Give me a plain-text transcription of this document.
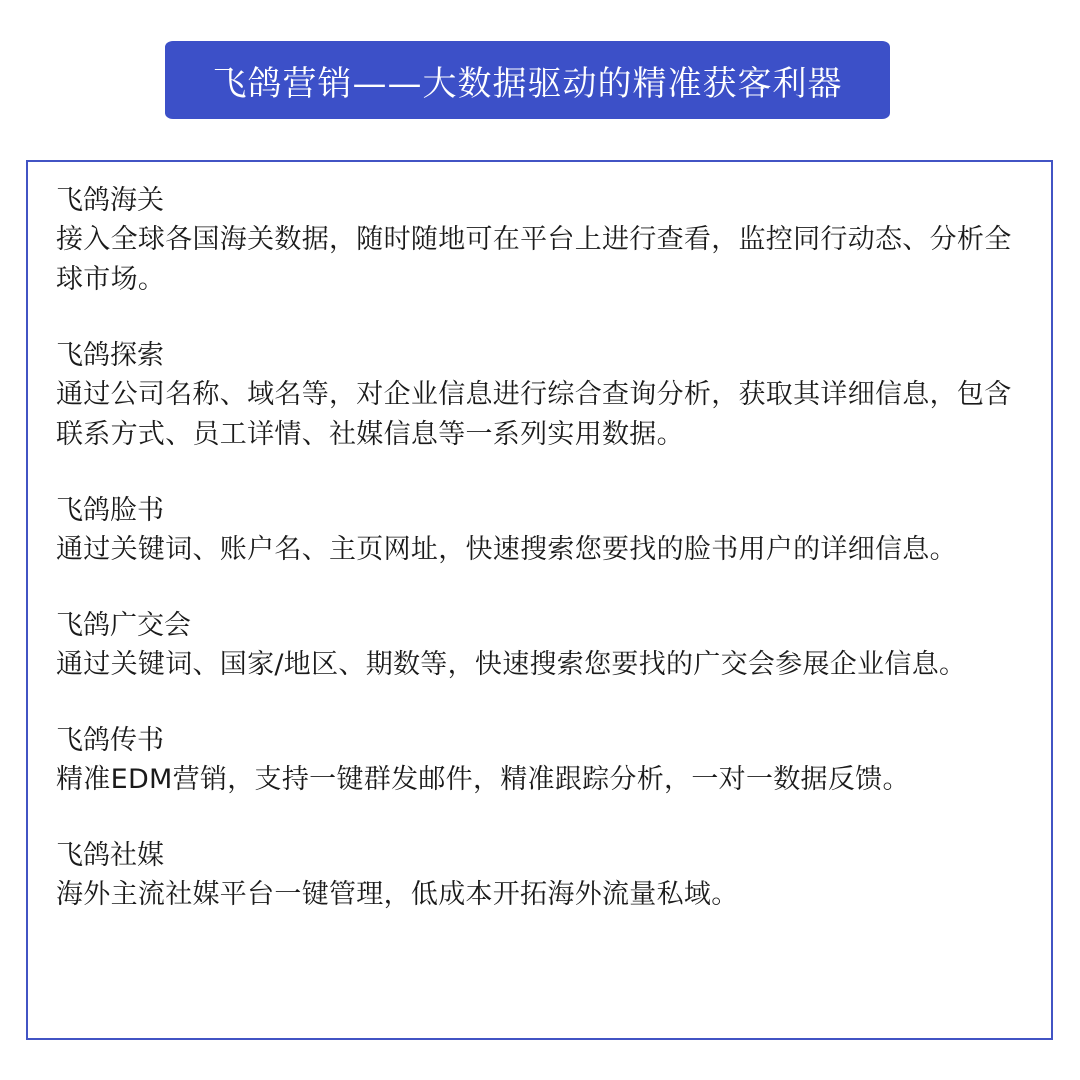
飞鸽营销——大数据驱动的精准获客利器
飞鸽海关
接入全球各国海关数据，随时随地可在平台上进行查看，监控同行动态、分析全球市场。
飞鸽探索
通过公司名称、域名等，对企业信息进行综合查询分析，获取其详细信息，包含联系方式、员工详情、社媒信息等一系列实用数据。
飞鸽脸书
通过关键词、账户名、主页网址，快速搜索您要找的脸书用户的详细信息。
飞鸽广交会
通过关键词、国家/地区、期数等，快速搜索您要找的广交会参展企业信息。
飞鸽传书
精准EDM营销，支持一键群发邮件，精准跟踪分析，一对一数据反馈。
飞鸽社媒
海外主流社媒平台一键管理，低成本开拓海外流量私域。
